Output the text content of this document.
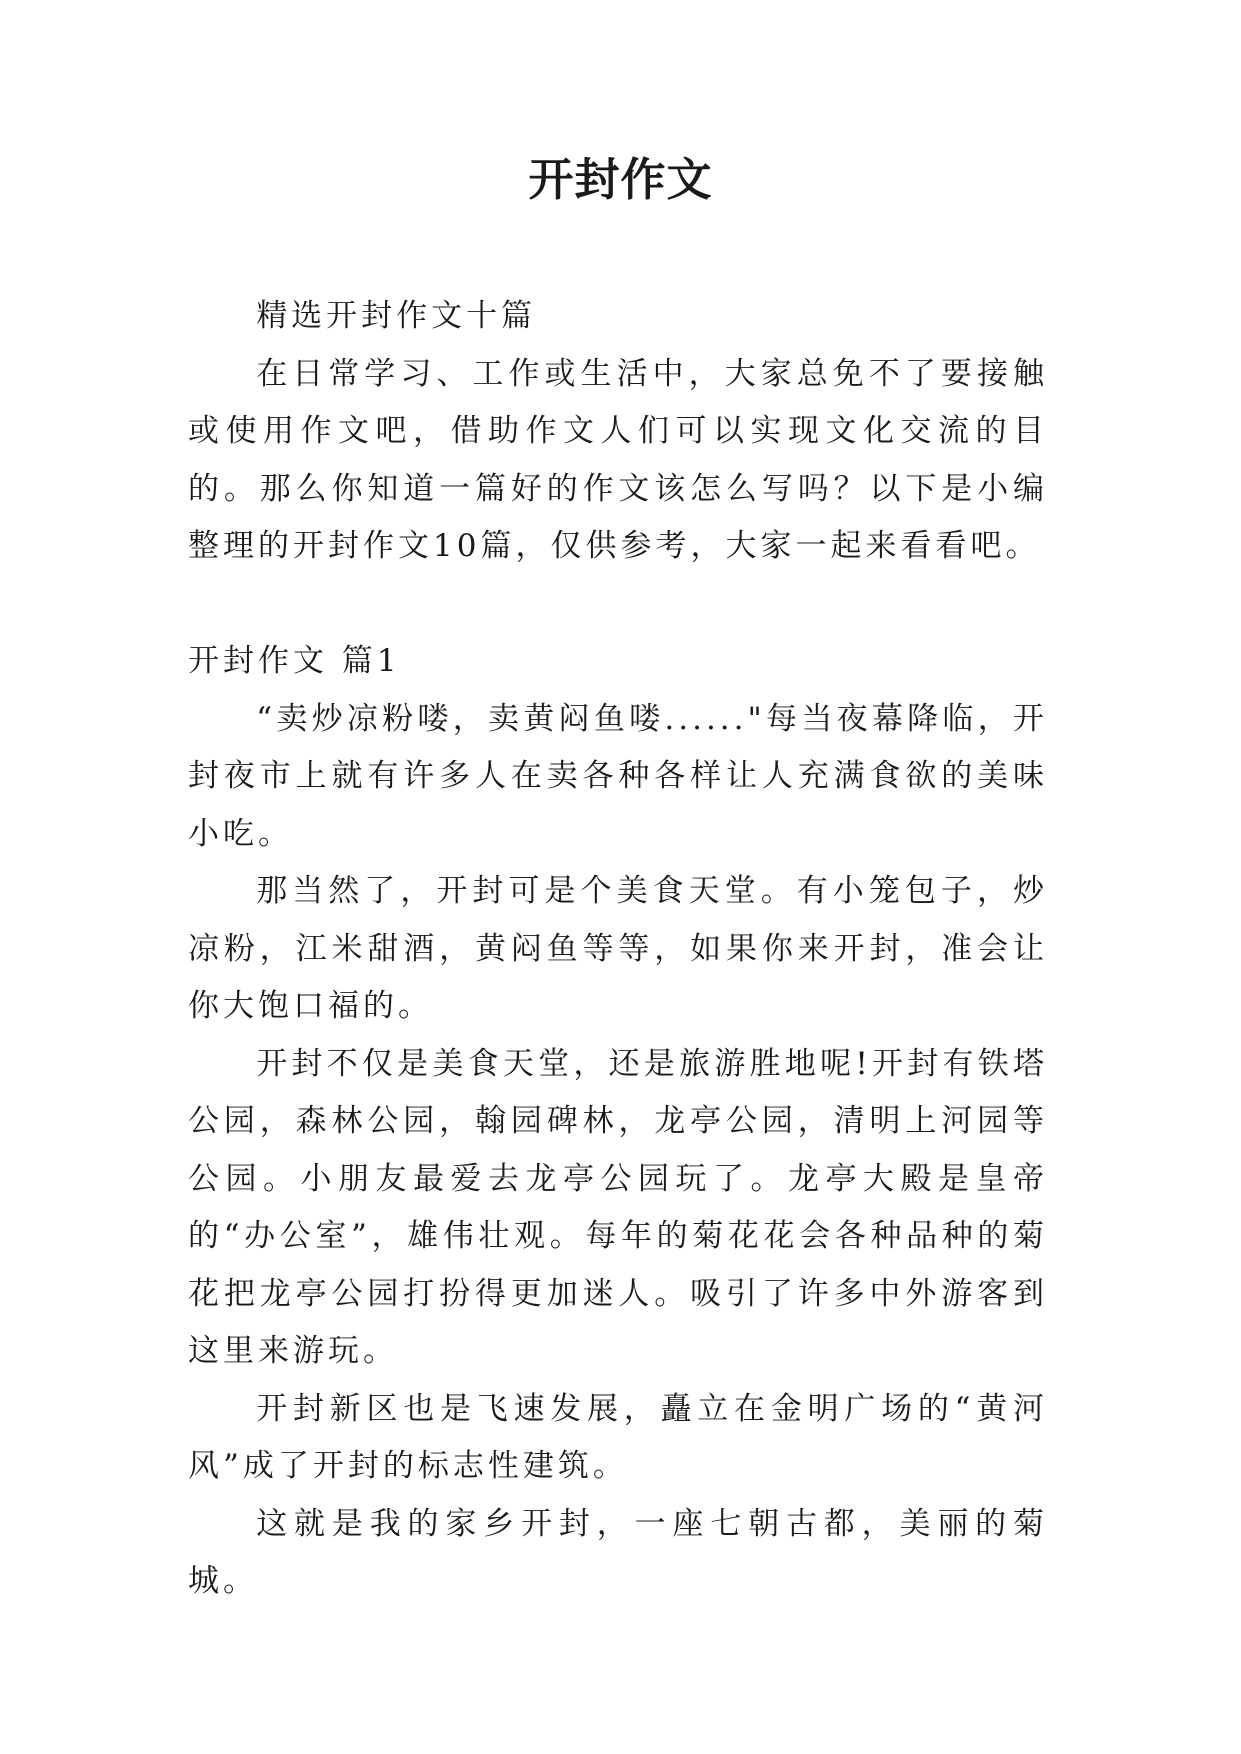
开封作文

精选开封作文十篇

在日常学习、工作或生活中，大家总免不了要接触或使用作文吧，借助作文人们可以实现文化交流的目的。那么你知道一篇好的作文该怎么写吗？以下是小编整理的开封作文10篇，仅供参考，大家一起来看看吧。

开封作文 篇1

“卖炒凉粉喽，卖黄闷鱼喽......"每当夜幕降临，开封夜市上就有许多人在卖各种各样让人充满食欲的美味小吃。

那当然了，开封可是个美食天堂。有小笼包子，炒凉粉，江米甜酒，黄闷鱼等等，如果你来开封，准会让你大饱口福的。

开封不仅是美食天堂，还是旅游胜地呢!开封有铁塔公园，森林公园，翰园碑林，龙亭公园，清明上河园等公园。小朋友最爱去龙亭公园玩了。龙亭大殿是皇帝的“办公室”，雄伟壮观。每年的菊花花会各种品种的菊花把龙亭公园打扮得更加迷人。吸引了许多中外游客到这里来游玩。

开封新区也是飞速发展，矗立在金明广场的“黄河风”成了开封的标志性建筑。

这就是我的家乡开封，一座七朝古都，美丽的菊城。
